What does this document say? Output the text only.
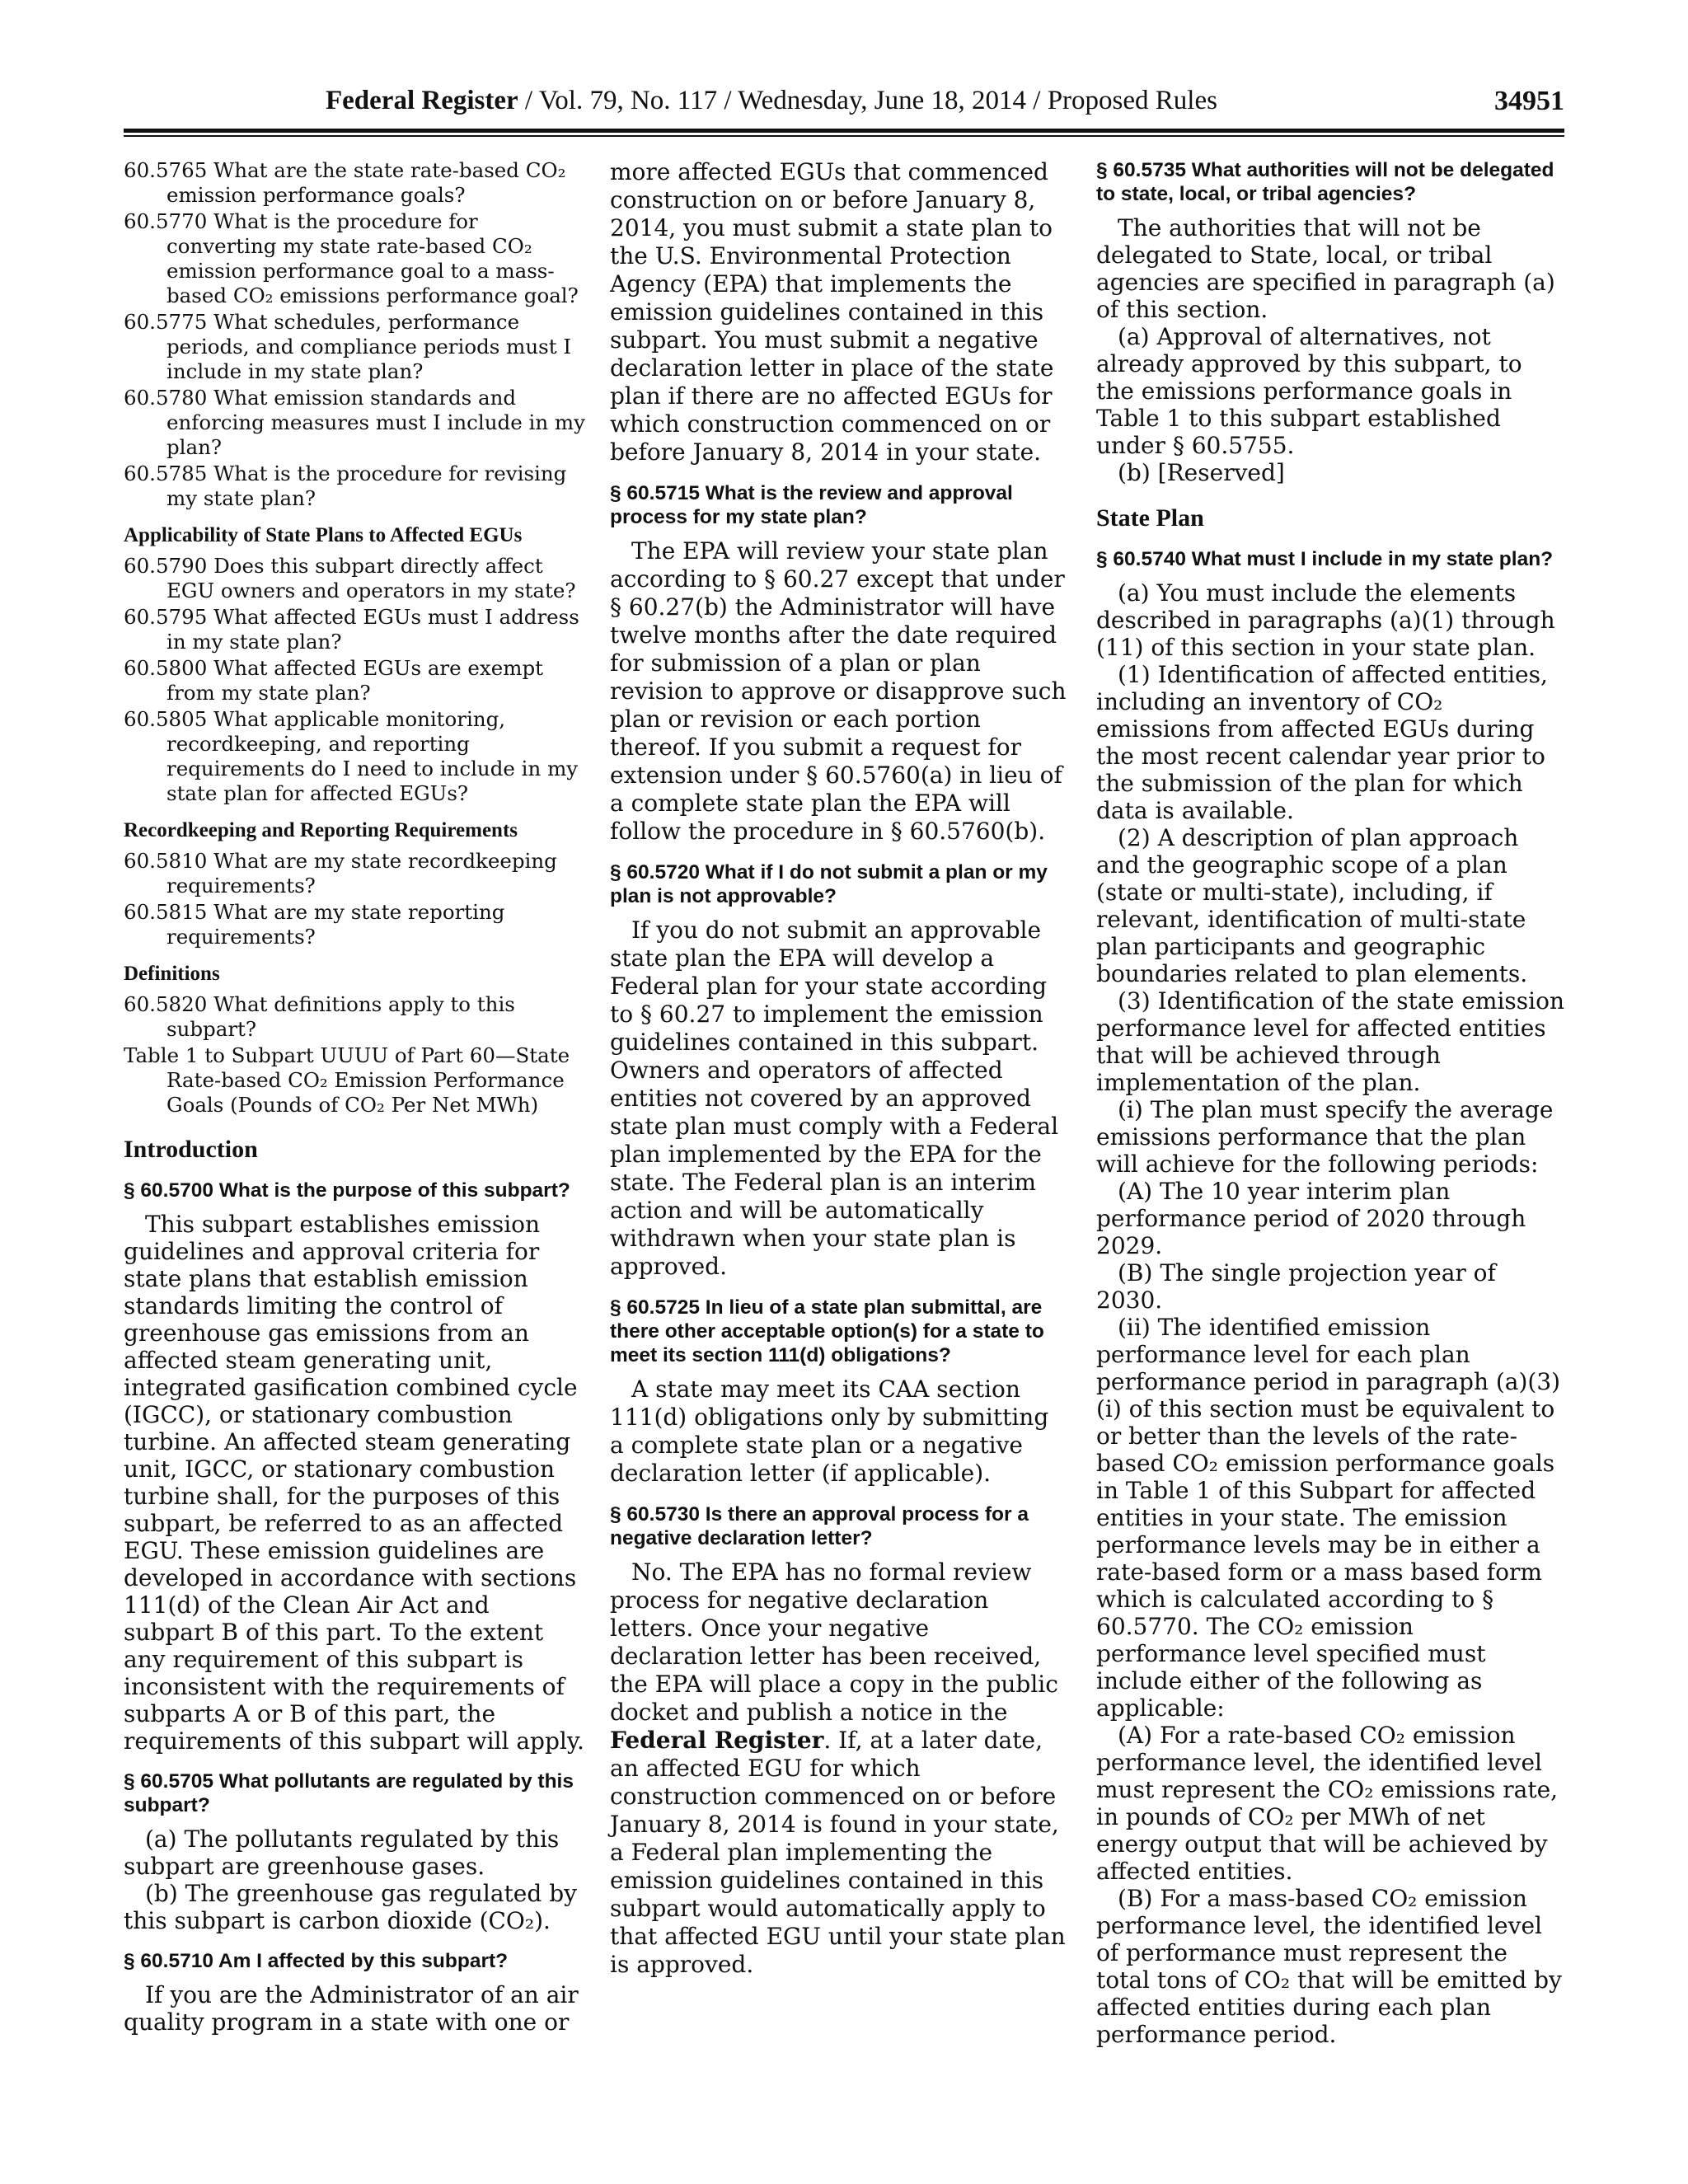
Federal Register / Vol. 79, No. 117 / Wednesday, June 18, 2014 / Proposed Rules	34951

60.5765 What are the state rate-based CO₂ emission performance goals?

60.5770 What is the procedure for converting my state rate-based CO₂ emission performance goal to a mass-based CO₂ emissions performance goal?

60.5775 What schedules, performance periods, and compliance periods must I include in my state plan?

60.5780 What emission standards and enforcing measures must I include in my plan?

60.5785 What is the procedure for revising my state plan?

Applicability of State Plans to Affected EGUs

60.5790 Does this subpart directly affect EGU owners and operators in my state?

60.5795 What affected EGUs must I address in my state plan?

60.5800 What affected EGUs are exempt from my state plan?

60.5805 What applicable monitoring, recordkeeping, and reporting requirements do I need to include in my state plan for affected EGUs?

Recordkeeping and Reporting Requirements

60.5810 What are my state recordkeeping requirements?

60.5815 What are my state reporting requirements?

Definitions

60.5820 What definitions apply to this subpart?

Table 1 to Subpart UUUU of Part 60—State Rate-based CO₂ Emission Performance Goals (Pounds of CO₂ Per Net MWh)

Introduction
§ 60.5700 What is the purpose of this subpart?

This subpart establishes emission guidelines and approval criteria for state plans that establish emission standards limiting the control of greenhouse gas emissions from an affected steam generating unit, integrated gasification combined cycle (IGCC), or stationary combustion turbine. An affected steam generating unit, IGCC, or stationary combustion turbine shall, for the purposes of this subpart, be referred to as an affected EGU. These emission guidelines are developed in accordance with sections 111(d) of the Clean Air Act and subpart B of this part. To the extent any requirement of this subpart is inconsistent with the requirements of subparts A or B of this part, the requirements of this subpart will apply.

§ 60.5705 What pollutants are regulated by this subpart?

(a) The pollutants regulated by this subpart are greenhouse gases.

(b) The greenhouse gas regulated by this subpart is carbon dioxide (CO₂).

§ 60.5710 Am I affected by this subpart?

If you are the Administrator of an air quality program in a state with one or

more affected EGUs that commenced construction on or before January 8, 2014, you must submit a state plan to the U.S. Environmental Protection Agency (EPA) that implements the emission guidelines contained in this subpart. You must submit a negative declaration letter in place of the state plan if there are no affected EGUs for which construction commenced on or before January 8, 2014 in your state.

§ 60.5715 What is the review and approval process for my state plan?

The EPA will review your state plan according to § 60.27 except that under § 60.27(b) the Administrator will have twelve months after the date required for submission of a plan or plan revision to approve or disapprove such plan or revision or each portion thereof. If you submit a request for extension under § 60.5760(a) in lieu of a complete state plan the EPA will follow the procedure in § 60.5760(b).

§ 60.5720 What if I do not submit a plan or my plan is not approvable?

If you do not submit an approvable state plan the EPA will develop a Federal plan for your state according to § 60.27 to implement the emission guidelines contained in this subpart. Owners and operators of affected entities not covered by an approved state plan must comply with a Federal plan implemented by the EPA for the state. The Federal plan is an interim action and will be automatically withdrawn when your state plan is approved.

§ 60.5725 In lieu of a state plan submittal, are there other acceptable option(s) for a state to meet its section 111(d) obligations?

A state may meet its CAA section 111(d) obligations only by submitting a complete state plan or a negative declaration letter (if applicable).

§ 60.5730 Is there an approval process for a negative declaration letter?

No. The EPA has no formal review process for negative declaration letters. Once your negative declaration letter has been received, the EPA will place a copy in the public docket and publish a notice in the Federal Register. If, at a later date, an affected EGU for which construction commenced on or before January 8, 2014 is found in your state, a Federal plan implementing the emission guidelines contained in this subpart would automatically apply to that affected EGU until your state plan is approved.

§ 60.5735 What authorities will not be delegated to state, local, or tribal agencies?

The authorities that will not be delegated to State, local, or tribal agencies are specified in paragraph (a) of this section.

(a) Approval of alternatives, not already approved by this subpart, to the emissions performance goals in Table 1 to this subpart established under § 60.5755.

(b) [Reserved]

State Plan
§ 60.5740 What must I include in my state plan?

(a) You must include the elements described in paragraphs (a)(1) through (11) of this section in your state plan.

(1) Identification of affected entities, including an inventory of CO₂ emissions from affected EGUs during the most recent calendar year prior to the submission of the plan for which data is available.

(2) A description of plan approach and the geographic scope of a plan (state or multi-state), including, if relevant, identification of multi-state plan participants and geographic boundaries related to plan elements.

(3) Identification of the state emission performance level for affected entities that will be achieved through implementation of the plan.

(i) The plan must specify the average emissions performance that the plan will achieve for the following periods:

(A) The 10 year interim plan performance period of 2020 through 2029.

(B) The single projection year of 2030.

(ii) The identified emission performance level for each plan performance period in paragraph (a)(3)(i) of this section must be equivalent to or better than the levels of the rate-based CO₂ emission performance goals in Table 1 of this Subpart for affected entities in your state. The emission performance levels may be in either a rate-based form or a mass based form which is calculated according to § 60.5770. The CO₂ emission performance level specified must include either of the following as applicable:

(A) For a rate-based CO₂ emission performance level, the identified level must represent the CO₂ emissions rate, in pounds of CO₂ per MWh of net energy output that will be achieved by affected entities.

(B) For a mass-based CO₂ emission performance level, the identified level of performance must represent the total tons of CO₂ that will be emitted by affected entities during each plan performance period.
